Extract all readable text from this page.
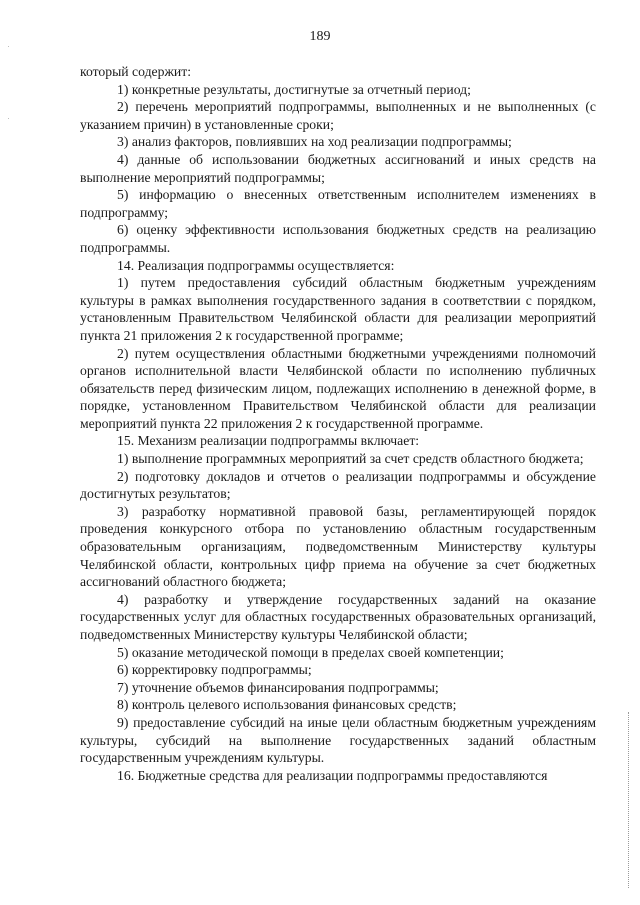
189

который содержит:

1) конкретные результаты, достигнутые за отчетный период;

2) перечень мероприятий подпрограммы, выполненных и не выполненных (с указанием причин) в установленные сроки;

3) анализ факторов, повлиявших на ход реализации подпрограммы;

4) данные об использовании бюджетных ассигнований и иных средств на выполнение мероприятий подпрограммы;

5) информацию о внесенных ответственным исполнителем изменениях в подпрограмму;

6) оценку эффективности использования бюджетных средств на реализацию подпрограммы.

14. Реализация подпрограммы осуществляется:

1) путем предоставления субсидий областным бюджетным учреждениям культуры в рамках выполнения государственного задания в соответствии с порядком, установленным Правительством Челябинской области для реализации мероприятий пункта 21 приложения 2 к государственной программе;

2) путем осуществления областными бюджетными учреждениями полномочий органов исполнительной власти Челябинской области по исполнению публичных обязательств перед физическим лицом, подлежащих исполнению в денежной форме, в порядке, установленном Правительством Челябинской области для реализации мероприятий пункта 22 приложения 2 к государственной программе.

15. Механизм реализации подпрограммы включает:

1) выполнение программных мероприятий за счет средств областного бюджета;

2) подготовку докладов и отчетов о реализации подпрограммы и обсуждение достигнутых результатов;

3) разработку нормативной правовой базы, регламентирующей порядок проведения конкурсного отбора по установлению областным государственным образовательным организациям, подведомственным Министерству культуры Челябинской области, контрольных цифр приема на обучение за счет бюджетных ассигнований областного бюджета;

4) разработку и утверждение государственных заданий на оказание государственных услуг для областных государственных образовательных организаций, подведомственных Министерству культуры Челябинской области;

5) оказание методической помощи в пределах своей компетенции;

6) корректировку подпрограммы;

7) уточнение объемов финансирования подпрограммы;

8) контроль целевого использования финансовых средств;

9) предоставление субсидий на иные цели областным бюджетным учреждениям культуры, субсидий на выполнение государственных заданий областным государственным учреждениям культуры.

16. Бюджетные средства для реализации подпрограммы предоставляются
